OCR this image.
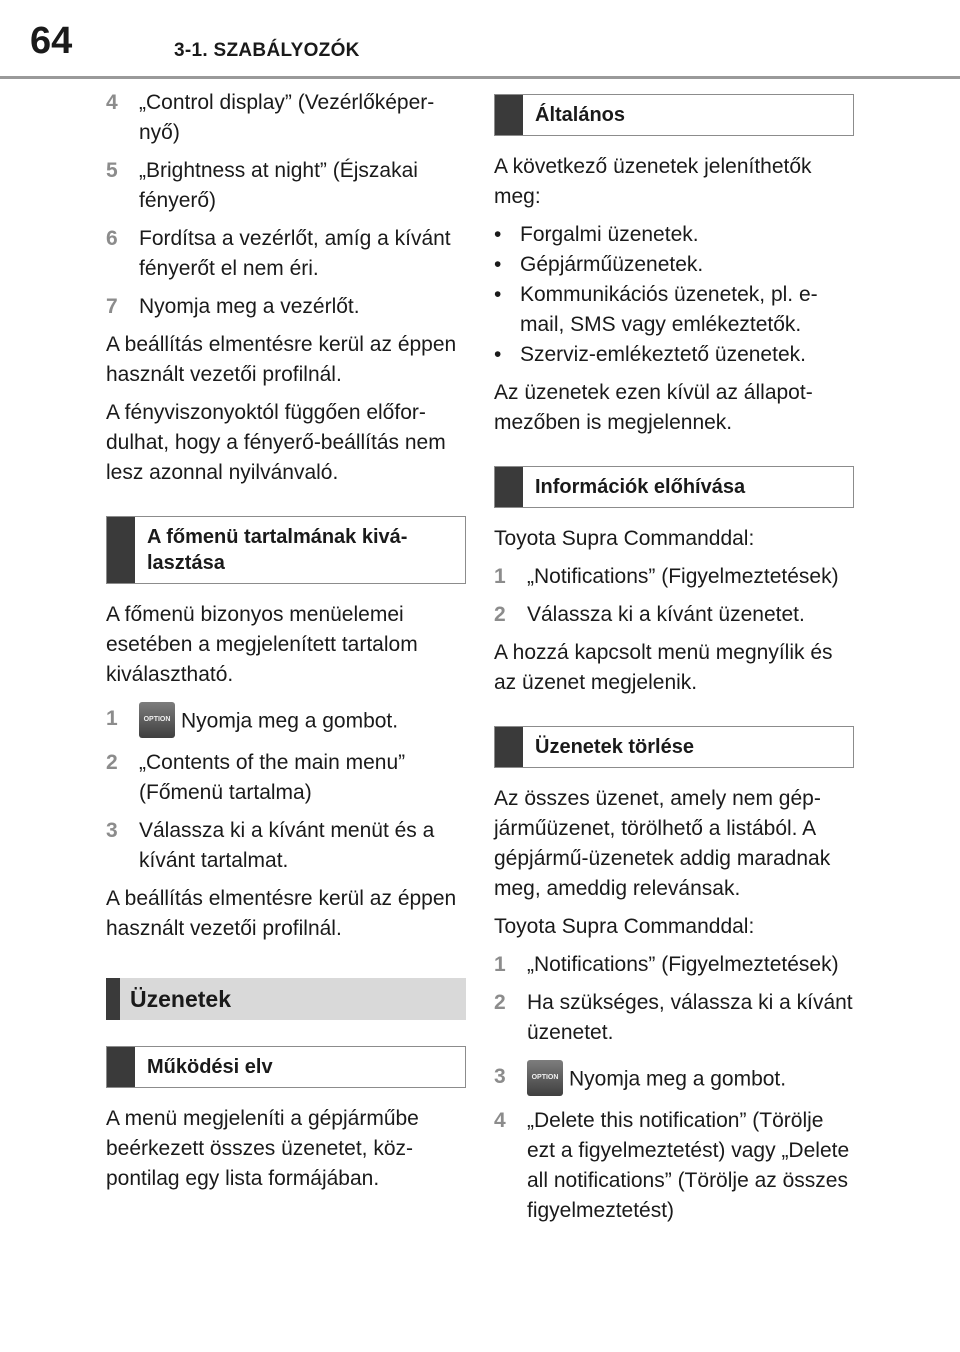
64	3-1. SZABÁLYOZÓK
4 „Control display” (Vezérlőképernyő)
5 „Brightness at night” (Éjszakai fényerő)
6 Fordítsa a vezérlőt, amíg a kívánt fényerőt el nem éri.
7 Nyomja meg a vezérlőt.

A beállítás elmentésre kerül az éppen használt vezetői profilnál.

A fényviszonyoktól függően előfordulhat, hogy a fényerő-beállítás nem lesz azonnal nyilvánvaló.

A főmenü tartalmának kiválasztása

A főmenü bizonyos menüelemei esetében a megjelenített tartalom kiválasztható.

1	OPTION Nyomja meg a gombot.
2 „Contents of the main menu” (Főmenü tartalma)
3 Válassza ki a kívánt menüt és a kívánt tartalmat.

A beállítás elmentésre kerül az éppen használt vezetői profilnál.

Üzenetek
Működési elv

A menü megjeleníti a gépjárműbe beérkezett összes üzenetet, központilag egy lista formájában.

Általános

A következő üzenetek jeleníthetők meg:

• Forgalmi üzenetek.
• Gépjárműüzenetek.
• Kommunikációs üzenetek, pl. e-mail, SMS vagy emlékeztetők.
• Szerviz-emlékeztető üzenetek.

Az üzenetek ezen kívül az állapotmezőben is megjelennek.

Információk előhívása

Toyota Supra Commanddal:

1 „Notifications” (Figyelmeztetések)
2 Válassza ki a kívánt üzenetet.

A hozzá kapcsolt menü megnyílik és az üzenet megjelenik.

Üzenetek törlése

Az összes üzenet, amely nem gépjárműüzenet, törölhető a listából. A gépjármű-üzenetek addig maradnak meg, ameddig relevánsak.

Toyota Supra Commanddal:

1 „Notifications” (Figyelmeztetések)
2 Ha szükséges, válassza ki a kívánt üzenetet.
3	OPTION Nyomja meg a gombot.
4 „Delete this notification” (Törölje ezt a figyelmeztetést) vagy „Delete all notifications” (Törölje az összes figyelmeztetést)
